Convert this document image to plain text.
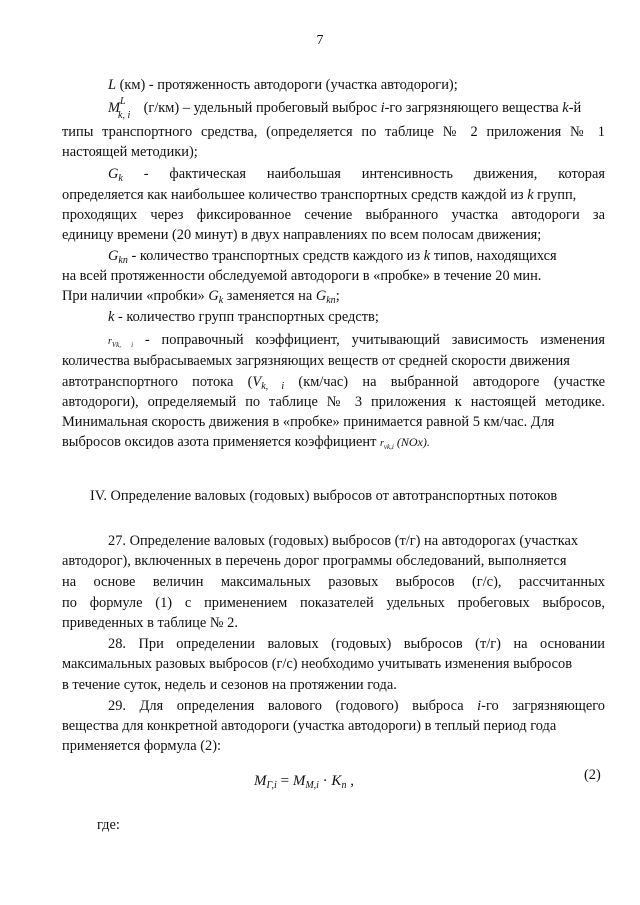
7
L (км) - протяженность автодороги (участка автодороги);
M L
k, i (г/км) – удельный пробеговый выброс i-го загрязняющего вещества k-й
типы транспортного средства, (определяется по таблице № 2 приложения № 1
настоящей методики);
$G_k$ - фактическая наибольшая интенсивность движения, которая
определяется как наибольшее количество транспортных средств каждой из k групп,
проходящих через фиксированное сечение выбранного участка автодороги за
единицу времени (20 минут) в двух направлениях по всем полосам движения;
$G_{kn}$ - количество транспортных средств каждого из k типов, находящихся
на всей протяженности обследуемой автодороги в «пробке» в течение 20 мин.
При наличии «пробки» $G_k$ заменяется на $G_{kn}$;
k - количество групп транспортных средств;
$r_{Vk, i}$ - поправочный коэффициент, учитывающий зависимость изменения
количества выбрасываемых загрязняющих веществ от средней скорости движения
автотранспортного потока ($V_{k, i}$ (км/час) на выбранной автодороге (участке
автодороги), определяемый по таблице № 3 приложения к настоящей методике.
Минимальная скорость движения в «пробке» принимается равной 5 км/час. Для
выбросов оксидов азота применяется коэффициент $r_{vk,i}$ (NOx).
IV. Определение валовых (годовых) выбросов от автотранспортных потоков
27. Определение валовых (годовых) выбросов (т/г) на автодорогах (участках
автодорог), включенных в перечень дорог программы обследований, выполняется
на основе величин максимальных разовых выбросов (г/с), рассчитанных
по формуле (1) с применением показателей удельных пробеговых выбросов,
приведенных в таблице № 2.
28. При определении валовых (годовых) выбросов (т/г) на основании
максимальных разовых выбросов (г/с) необходимо учитывать изменения выбросов
в течение суток, недель и сезонов на протяжении года.
29. Для определения валового (годового) выброса i-го загрязняющего
вещества для конкретной автодороги (участка автодороги) в теплый период года
применяется формула (2):
$M_{Г,i} = M_{M,i} \cdot K_п$ ,	(2)
где:
